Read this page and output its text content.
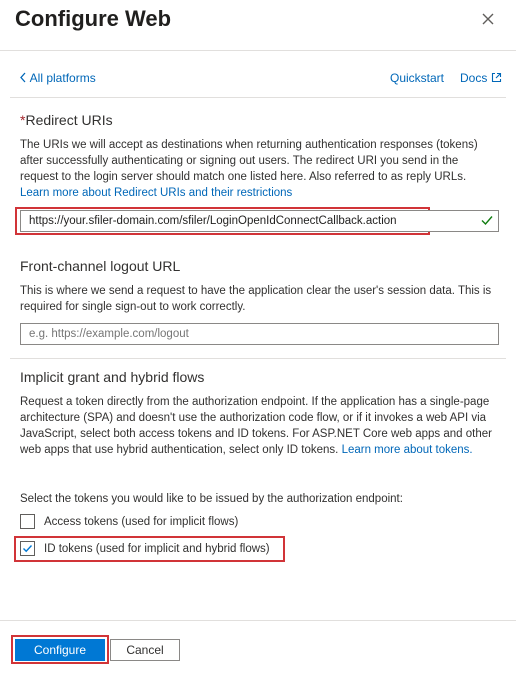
Configure Web
All platforms	Quickstart Docs
*Redirect URIs
The URIs we will accept as destinations when returning authentication responses (tokens) after successfully authenticating or signing out users. The redirect URI you send in the request to the login server should match one listed here. Also referred to as reply URLs. Learn more about Redirect URIs and their restrictions
https://your.sfiler-domain.com/sfiler/LoginOpenIdConnectCallback.action
Front-channel logout URL
This is where we send a request to have the application clear the user's session data. This is required for single sign-out to work correctly.
e.g. https://example.com/logout
Implicit grant and hybrid flows
Request a token directly from the authorization endpoint. If the application has a single-page architecture (SPA) and doesn't use the authorization code flow, or if it invokes a web API via JavaScript, select both access tokens and ID tokens. For ASP.NET Core web apps and other web apps that use hybrid authentication, select only ID tokens. Learn more about tokens.
Select the tokens you would like to be issued by the authorization endpoint:
Access tokens (used for implicit flows)
ID tokens (used for implicit and hybrid flows)
Configure	Cancel
